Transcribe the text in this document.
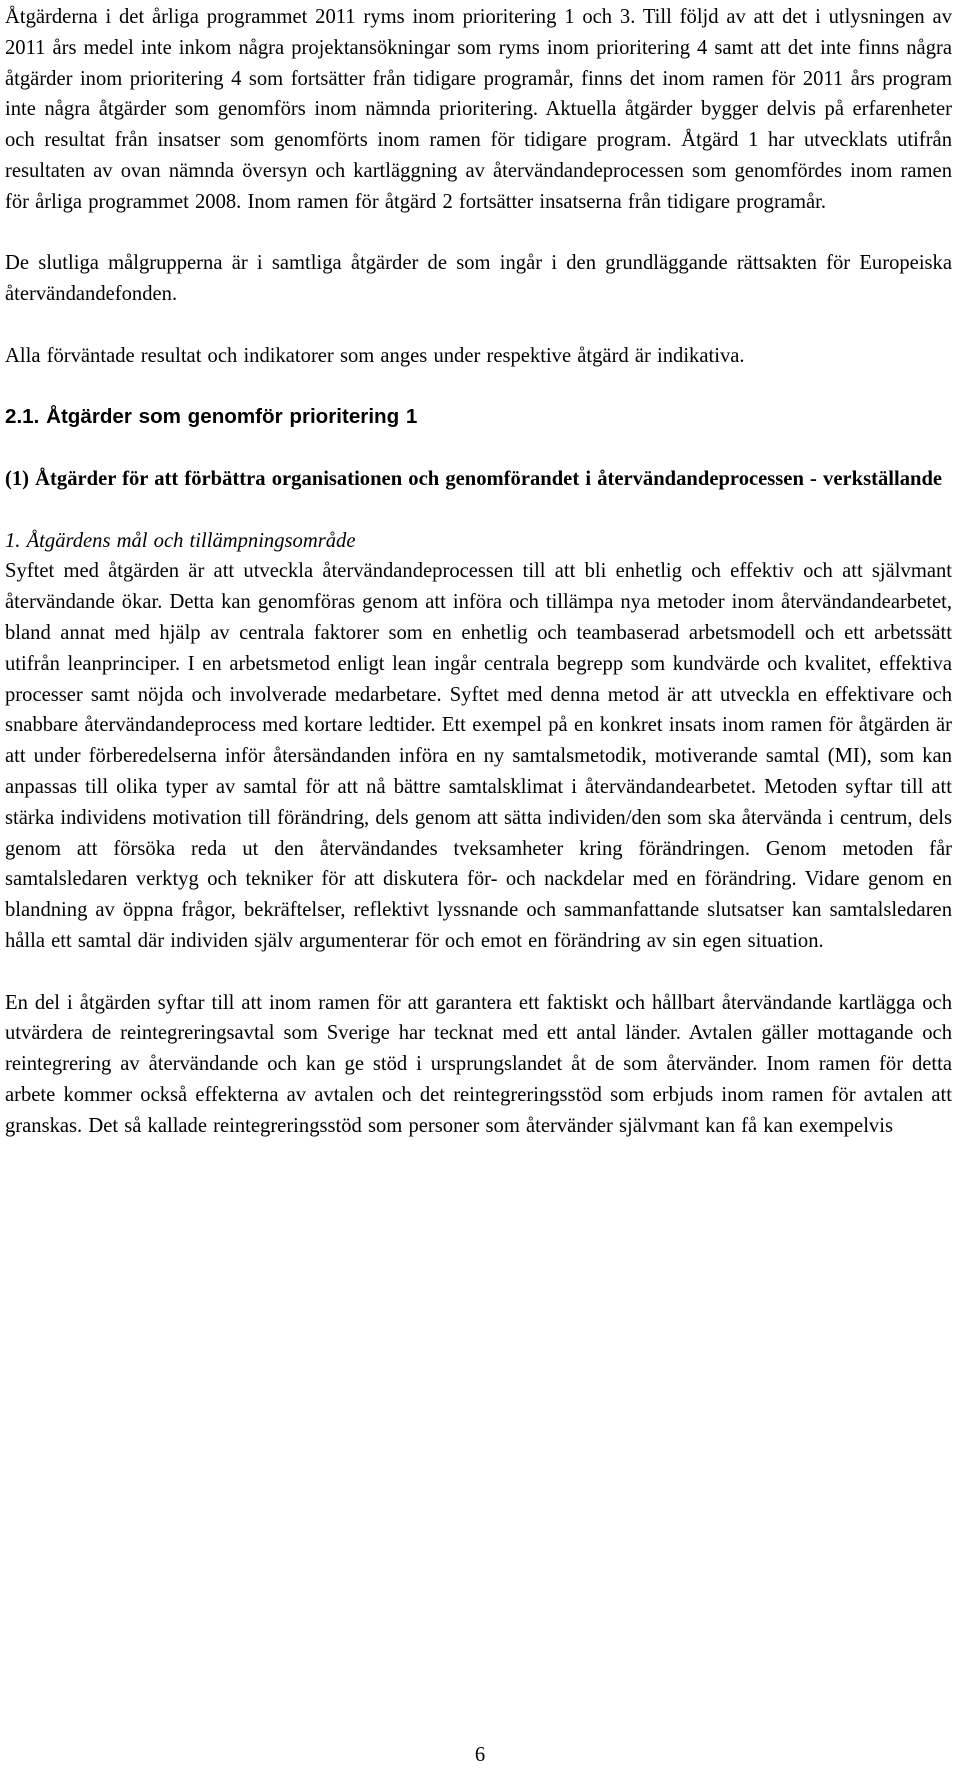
Åtgärderna i det årliga programmet 2011 ryms inom prioritering 1 och 3. Till följd av att det i utlysningen av 2011 års medel inte inkom några projektansökningar som ryms inom prioritering 4 samt att det inte finns några åtgärder inom prioritering 4 som fortsätter från tidigare programår, finns det inom ramen för 2011 års program inte några åtgärder som genomförs inom nämnda prioritering. Aktuella åtgärder bygger delvis på erfarenheter och resultat från insatser som genomförts inom ramen för tidigare program. Åtgärd 1 har utvecklats utifrån resultaten av ovan nämnda översyn och kartläggning av återvändandeprocessen som genomfördes inom ramen för årliga programmet 2008. Inom ramen för åtgärd 2 fortsätter insatserna från tidigare programår.

De slutliga målgrupperna är i samtliga åtgärder de som ingår i den grundläggande rättsakten för Europeiska återvändandefonden.

Alla förväntade resultat och indikatorer som anges under respektive åtgärd är indikativa.

2.1. Åtgärder som genomför prioritering 1

(1) Åtgärder för att förbättra organisationen och genomförandet i återvändandeprocessen - verkställande

1. Åtgärdens mål och tillämpningsområde

Syftet med åtgärden är att utveckla återvändandeprocessen till att bli enhetlig och effektiv och att självmant återvändande ökar. Detta kan genomföras genom att införa och tillämpa nya metoder inom återvändandearbetet, bland annat med hjälp av centrala faktorer som en enhetlig och teambaserad arbetsmodell och ett arbetssätt utifrån leanprinciper. I en arbetsmetod enligt lean ingår centrala begrepp som kundvärde och kvalitet, effektiva processer samt nöjda och involverade medarbetare. Syftet med denna metod är att utveckla en effektivare och snabbare återvändandeprocess med kortare ledtider. Ett exempel på en konkret insats inom ramen för åtgärden är att under förberedelserna inför återsändanden införa en ny samtalsmetodik, motiverande samtal (MI), som kan anpassas till olika typer av samtal för att nå bättre samtalsklimat i återvändandearbetet. Metoden syftar till att stärka individens motivation till förändring, dels genom att sätta individen/den som ska återvända i centrum, dels genom att försöka reda ut den återvändandes tveksamheter kring förändringen. Genom metoden får samtalsledaren verktyg och tekniker för att diskutera för- och nackdelar med en förändring. Vidare genom en blandning av öppna frågor, bekräftelser, reflektivt lyssnande och sammanfattande slutsatser kan samtalsledaren hålla ett samtal där individen själv argumenterar för och emot en förändring av sin egen situation.

En del i åtgärden syftar till att inom ramen för att garantera ett faktiskt och hållbart återvändande kartlägga och utvärdera de reintegreringsavtal som Sverige har tecknat med ett antal länder. Avtalen gäller mottagande och reintegrering av återvändande och kan ge stöd i ursprungslandet åt de som återvänder. Inom ramen för detta arbete kommer också effekterna av avtalen och det reintegreringsstöd som erbjuds inom ramen för avtalen att granskas. Det så kallade reintegreringsstöd som personer som återvänder självmant kan få kan exempelvis

6
